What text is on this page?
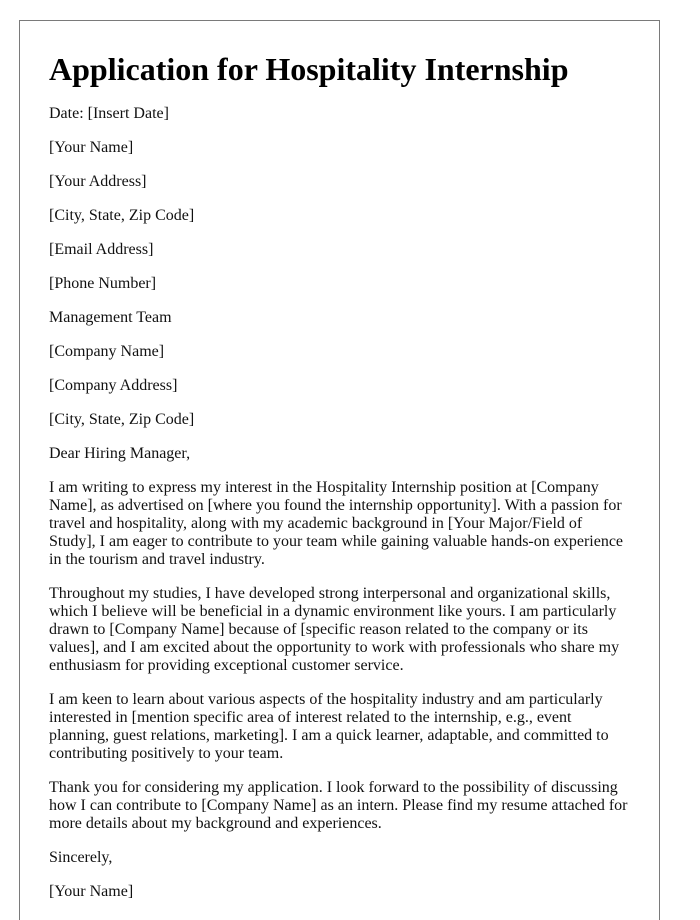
Application for Hospitality Internship

Date: [Insert Date]

[Your Name]

[Your Address]

[City, State, Zip Code]

[Email Address]

[Phone Number]

Management Team

[Company Name]

[Company Address]

[City, State, Zip Code]

Dear Hiring Manager,

I am writing to express my interest in the Hospitality Internship position at [Company Name], as advertised on [where you found the internship opportunity]. With a passion for travel and hospitality, along with my academic background in [Your Major/Field of Study], I am eager to contribute to your team while gaining valuable hands-on experience in the tourism and travel industry.

Throughout my studies, I have developed strong interpersonal and organizational skills, which I believe will be beneficial in a dynamic environment like yours. I am particularly drawn to [Company Name] because of [specific reason related to the company or its values], and I am excited about the opportunity to work with professionals who share my enthusiasm for providing exceptional customer service.

I am keen to learn about various aspects of the hospitality industry and am particularly interested in [mention specific area of interest related to the internship, e.g., event planning, guest relations, marketing]. I am a quick learner, adaptable, and committed to contributing positively to your team.

Thank you for considering my application. I look forward to the possibility of discussing how I can contribute to [Company Name] as an intern. Please find my resume attached for more details about my background and experiences.

Sincerely,

[Your Name]
